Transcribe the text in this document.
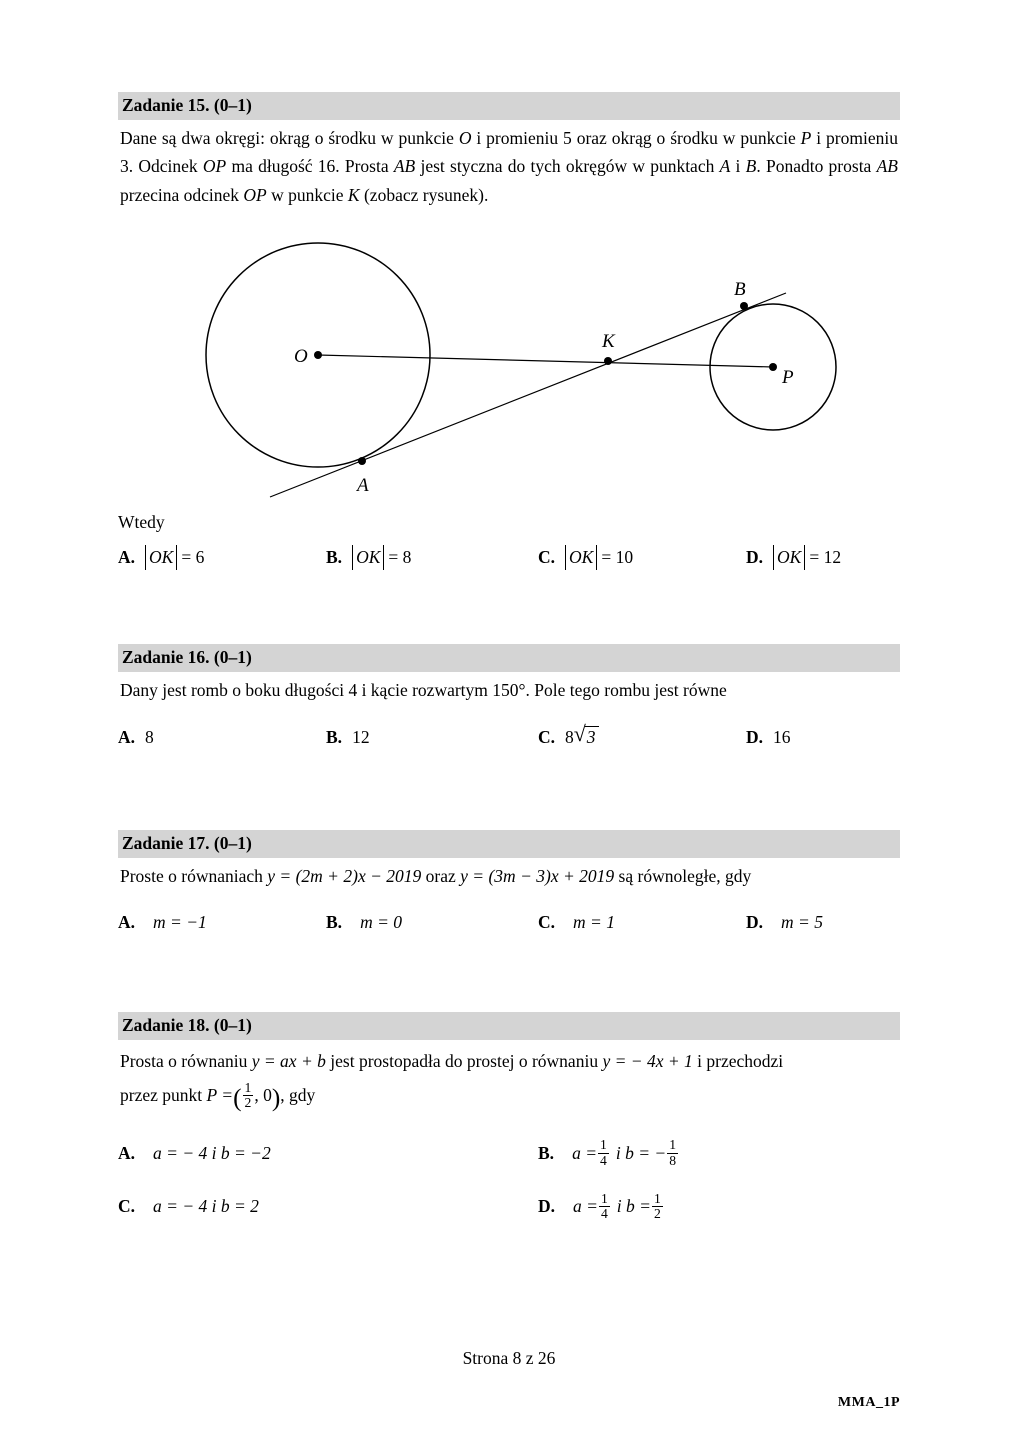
Zadanie 15. (0–1)
Dane są dwa okręgi: okrąg o środku w punkcie O i promieniu 5 oraz okrąg o środku w punkcie P i promieniu 3. Odcinek OP ma długość 16. Prosta AB jest styczna do tych okręgów w punktach A i B. Ponadto prosta AB przecina odcinek OP w punkcie K (zobacz rysunek).
O
P
K
A
B
Wtedy
A. OK = 6	B. OK = 8	C. OK = 10	D. OK = 12
Zadanie 16. (0–1)
Dany jest romb o boku długości 4 i kącie rozwartym 150°. Pole tego rombu jest równe
A. 8	B. 12	C. 8 √ 3	D. 16
Zadanie 17. (0–1)
Proste o równaniach y = (2m + 2)x − 2019 oraz y = (3m − 3)x + 2019 są równoległe, gdy
A. m = −1	B. m = 0	C. m = 1	D. m = 5
Zadanie 18. (0–1)
Prosta o równaniu y = ax + b jest prostopadła do prostej o równaniu y = − 4x + 1 i przechodzi
przez punkt P =( $\frac{1}{2}$ , 0), gdy
A. a = − 4 i b = −2	B. $a = \frac{1}{4}$ i b = − $\frac{1}{8}$
C. a = − 4 i b = 2	D. $a = \frac{1}{4}$ i $b = \frac{1}{2}$
Strona 8 z 26
MMA_1P
